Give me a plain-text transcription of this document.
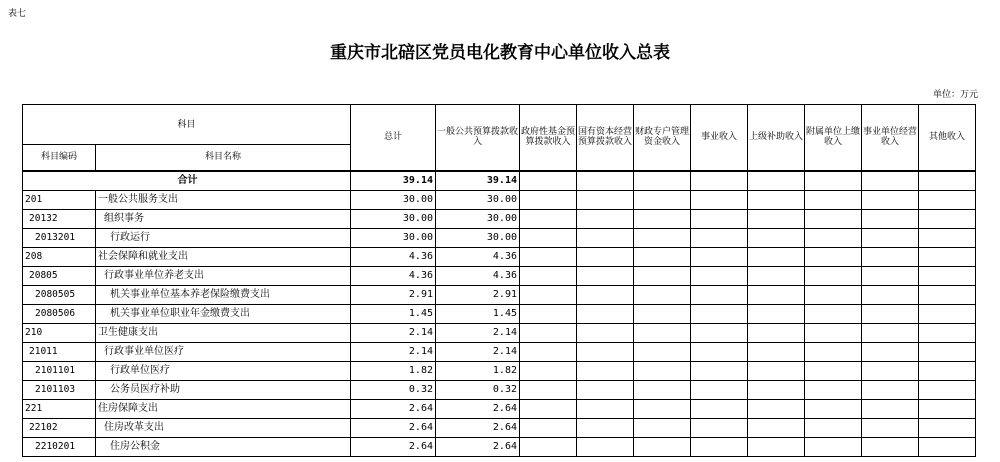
表七
重庆市北碚区党员电化教育中心单位收入总表
单位：万元
科目		总计	一般公共预算拨款收入	政府性基金预算拨款收入	国有资本经营预算拨款收入	财政专户管理资金收入	事业收入	上级补助收入	附属单位上缴收入	事业单位经营收入	其他收入
科目编码	科目名称										
合计		39.14	39.14								
201	一般公共服务支出	30.00	30.00								
20132	组织事务	30.00	30.00								
2013201	行政运行	30.00	30.00								
208	社会保障和就业支出	4.36	4.36								
20805	行政事业单位养老支出	4.36	4.36								
2080505	机关事业单位基本养老保险缴费支出	2.91	2.91								
2080506	机关事业单位职业年金缴费支出	1.45	1.45								
210	卫生健康支出	2.14	2.14								
21011	行政事业单位医疗	2.14	2.14								
2101101	行政单位医疗	1.82	1.82								
2101103	公务员医疗补助	0.32	0.32								
221	住房保障支出	2.64	2.64								
22102	住房改革支出	2.64	2.64								
2210201	住房公积金	2.64	2.64								
